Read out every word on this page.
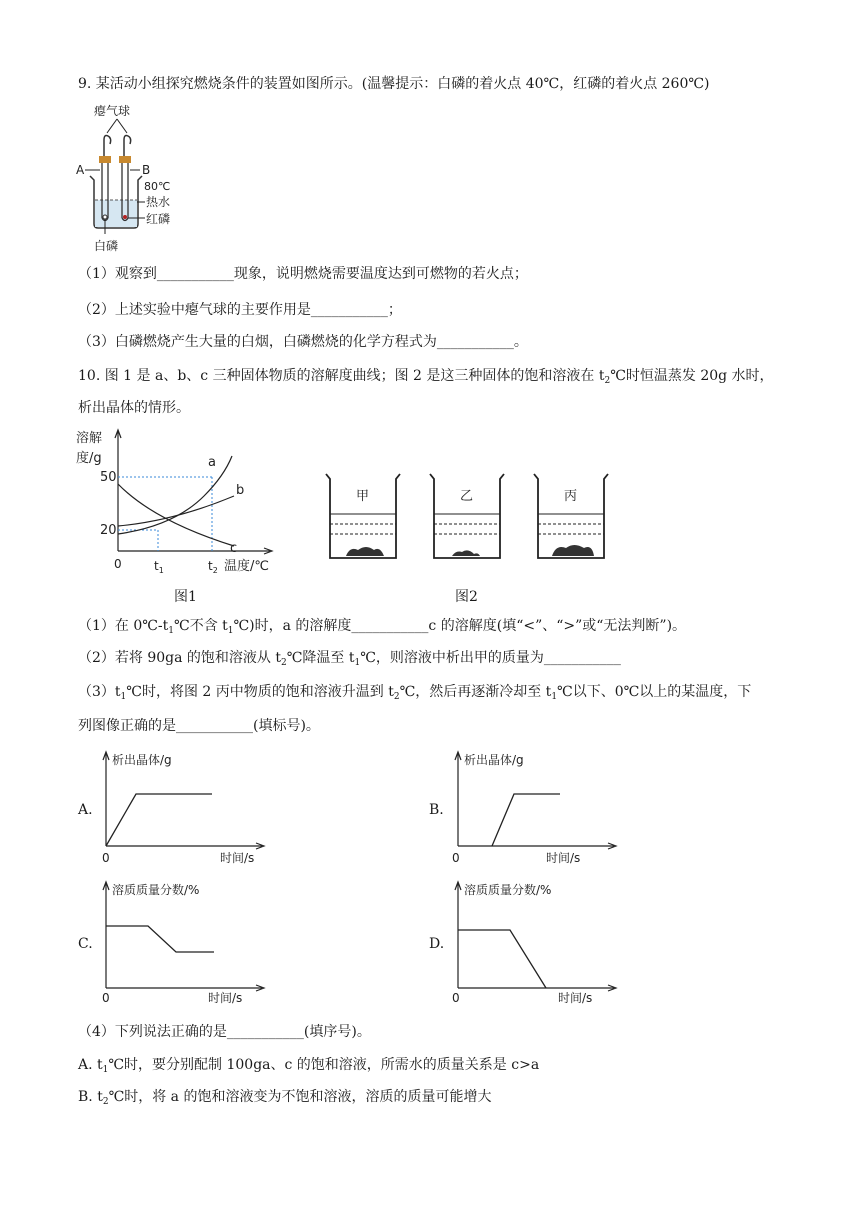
9. 某活动小组探究燃烧条件的装置如图所示。(温馨提示：白磷的着火点 40℃，红磷的着火点 260℃)
瘪气球
A	B
80℃
热水
红磷
白磷
（1）观察到___________现象，说明燃烧需要温度达到可燃物的若火点；
（2）上述实验中瘪气球的主要作用是___________；
（3）白磷燃烧产生大量的白烟，白磷燃烧的化学方程式为___________。
10. 图 1 是 a、b、c 三种固体物质的溶解度曲线；图 2 是这三种固体的饱和溶液在 $t_2℃$时恒温蒸发 20g 水时，
析出晶体的情形。
溶解
度/g
50
20
0	$t_1$	$t_2$ 温度/℃
a
b
c
图1
甲	乙	丙
图2
（1）在 $0℃-t_1℃$不含 $t_1℃$)时，a 的溶解度___________c 的溶解度(填“<”、“>”或“无法判断”)。
（2）若将 90ga 的饱和溶液从 $t_2℃$降温至 $t_1℃$，则溶液中析出甲的质量为___________
$(3)t_1℃$时，将图 2 丙中物质的饱和溶液升温到 $t_2℃$，然后再逐渐冷却至 $t_1℃$以下、0℃以上的某温度，下
列图像正确的是___________(填标号)。
A.
析出晶体/g
0	时间/s
B.
析出晶体/g
0	时间/s
C.
溶质质量分数/%
0	时间/s
D.
溶质质量分数/%
0	时间/s
（4）下列说法正确的是___________(填序号)。
A. $t_1℃$时，要分别配制 100ga、c 的饱和溶液，所需水的质量关系是 c>a
B. $t_2℃$时，将 a 的饱和溶液变为不饱和溶液，溶质的质量可能增大
